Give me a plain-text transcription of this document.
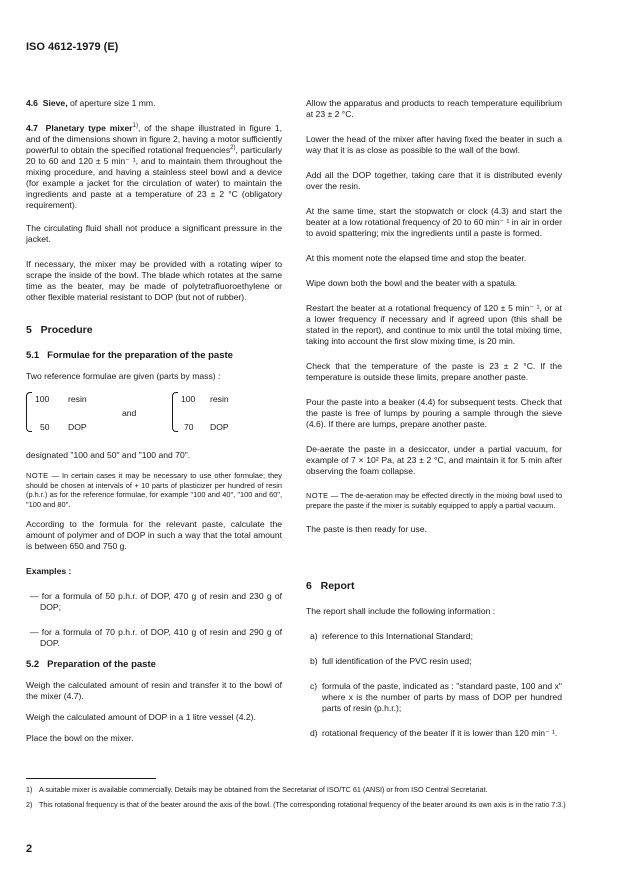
ISO 4612-1979 (E)

4.6 Sieve, of aperture size 1 mm.

4.7 Planetary type mixer$^{1)}$, of the shape illustrated in figure 1, and of the dimensions shown in figure 2, having a motor sufficiently powerful to obtain the specified rotational frequencies$^{2)}$, particularly 20 to 60 and 120 ± 5 min⁻ ¹, and to maintain them throughout the mixing procedure, and having a stainless steel bowl and a device (for example a jacket for the circulation of water) to maintain the ingredients and paste at a temperature of 23 ± 2 °C (obligatory requirement).

The circulating fluid shall not produce a significant pressure in the jacket.

If necessary, the mixer may be provided with a rotating wiper to scrape the inside of the bowl. The blade which rotates at the same time as the beater, may be made of polytetrafluoroethylene or other flexible material resistant to DOP (but not of rubber).

5 Procedure
5.1 Formulae for the preparation of the paste

Two reference formulae are given (parts by mass) :

100 resin
50 DOP
and
100 resin
70 DOP

designated "100 and 50" and "100 and 70".

NOTE — In certain cases it may be necessary to use other formulae; they should be chosen at intervals of + 10 parts of plasticizer per hundred of resin (p.h.r.) as for the reference formulae, for example "100 and 40", "100 and 60", "100 and 80".

According to the formula for the relevant paste, calculate the amount of polymer and of DOP in such a way that the total amount is between 650 and 750 g.

Examples :

— for a formula of 50 p.h.r. of DOP, 470 g of resin and 230 g of DOP;

— for a formula of 70 p.h.r. of DOP, 410 g of resin and 290 g of DOP.

5.2 Preparation of the paste

Weigh the calculated amount of resin and transfer it to the bowl of the mixer (4.7).

Weigh the calculated amount of DOP in a 1 litre vessel (4.2).

Place the bowl on the mixer.

Allow the apparatus and products to reach temperature equilibrium at 23 ± 2 °C.

Lower the head of the mixer after having fixed the beater in such a way that it is as close as possible to the wall of the bowl.

Add all the DOP together, taking care that it is distributed evenly over the resin.

At the same time, start the stopwatch or clock (4.3) and start the beater at a low rotational frequency of 20 to 60 min⁻ ¹ in air in order to avoid spattering; mix the ingredients until a paste is formed.

At this moment note the elapsed time and stop the beater.

Wipe down both the bowl and the beater with a spatula.

Restart the beater at a rotational frequency of 120 ± 5 min⁻ ¹, or at a lower frequency if necessary and if agreed upon (this shall be stated in the report), and continue to mix until the total mixing time, taking into account the first slow mixing time, is 20 min.

Check that the temperature of the paste is 23 ± 2 °C. If the temperature is outside these limits, prepare another paste.

Pour the paste into a beaker (4.4) for subsequent tests. Check that the paste is free of lumps by pouring a sample through the sieve (4.6). If there are lumps, prepare another paste.

De-aerate the paste in a desiccator, under a partial vacuum, for example of 7 × 10² Pa, at 23 ± 2 °C, and maintain it for 5 min after observing the foam collapse.

NOTE — The de-aeration may be effected directly in the mixing bowl used to prepare the paste if the mixer is suitably equipped to apply a partial vacuum.

The paste is then ready for use.

6 Report

The report shall include the following information :

a) reference to this International Standard;
b) full identification of the PVC resin used;
c) formula of the paste, indicated as : "standard paste, 100 and x" where x is the number of parts by mass of DOP per hundred parts of resin (p.h.r.);
d) rotational frequency of the beater if it is lower than 120 min⁻ ¹.
1) A suitable mixer is available commercially. Details may be obtained from the Secretariat of ISO/TC 61 (ANSI) or from ISO Central Secretariat.
2) This rotational frequency is that of the beater around the axis of the bowl. (The corresponding rotational frequency of the beater around its own axis is in the ratio 7:3.)
2
